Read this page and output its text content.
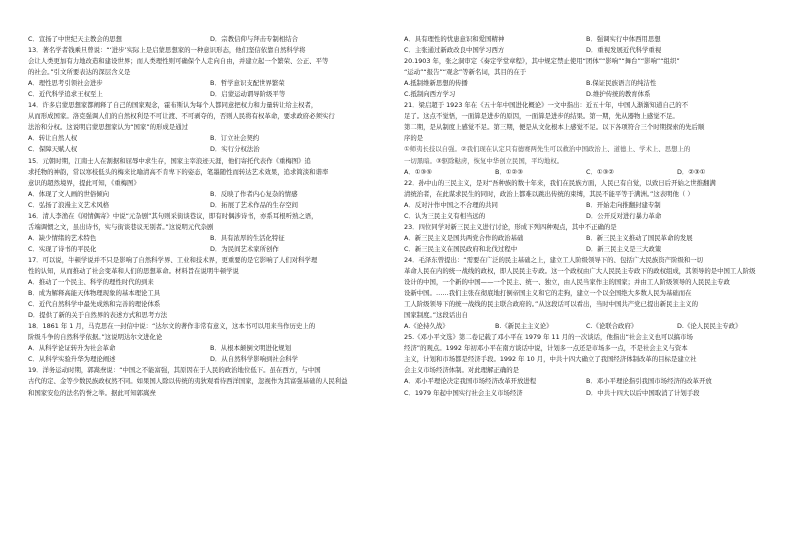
C．宣扬了中世纪天主教会的思想	D．宗教信仰与拜击专制相结合
13．著名学者钱乘旦曾说：“‘进步’实际上是启蒙思想家的一种意识形态，他们坚信依靠自然科学将
会让人类更加有力地改造和建设世界；而人类理性则可确保个人走向自由，并建立起一个繁荣、公正、平等
的社会。”引文所要表达的深层含义是
A．理性思考引领社会进步	B．哲学意识支配世界繁荣
C．近代科学追求王权至上	D．启蒙运动谓导阶级平等
14．许多启蒙思想家都阐释了自己的国家观念，霍布斯认为每个人都同意把权力和力量转让给主权者，
从而形成国家。洛克强调人们的自然权利是不可让渡、不可剥夺的，否则人民将有权革命，要求政府必须实行
法治和分权。这说明启蒙思想家认为“国家”的形成是通过
A．转让自然人权	B．订立社会契约
C．保障天赋人权	D．实行分权法治
15．元朝时期，江南士人在割据和屈辱中求生存，国家主宰浪迹天涯，他们寄托代表作《重梅图》追
求托物的神韵，常以寒枝低头的梅来比喻清高不肯卑下的姿态，笔墨随性而转达艺术效果，追求简淡和谐率
意识的超然境界，提此可知，《重梅图》
A．体现了文人画的世俗倾向	B．反映了作者内心复杂的情感
C．弘扬了浪漫主义艺术风格	D．拓展了艺术作品的生存空间
16．清人李渔在《闲情偶寄》中说“元杂剧”其句则采街谈巷议，即有时偶涉诗书，亦系耳根听熟之语，
舌端调惯之文，虽出诗书，实与街谈巷议无别者。”这说明元代杂剧
A．缺少情绪的艺术特色	B．具有浓厚的生活化特征
C．实现了诗书的平民化	D．为民间艺术家所创作
17．可以说，牛顿学说并不只是影响了自然科学界、工业和技术界，更重要的是它影响了人们对科学理
性的认知，从而推动了社会变革和人们的思想革命。材料旨在说明牛顿学说
A．推动了一个民主、科学的理性时代的到来
B．成为解释高能天体物理现象的基本理论工具
C．近代自然科学中最先成熟和完善的理论体系
D．提供了新的关于自然界的表述方式和思考方法
18．1861 年 1 月，马克思在一封信中说：“达尔文的著作非常有意义，这本书可以用来当作历史上的
阶级斗争的自然科学依据。”这说明达尔文进化论
A．从科学论证转升为社会革命	B．从根本颠倒文明进化规划
C．从科学实验升华为理论阐述	D．从自然科学影响到社会科学
19．洋务运动时期，郭嵩焘说：“中国之不能富强，其原因在于人民的政治地位低下。虽在西方，与中国
古代的定、金等少数民族政权然不同。如果国人除以传统的夷狄观看待西洋国家，忽视作为其富强基础的人民利益
和国家安危的法名钓誉之举。据此可知郭嵩焘
A．具有理性的忧患意识和爱国精神	B．强调实行中体西用思想
C．主张通过新政改良中国学习西方	D．重视发展近代科学重视
20.1903 年，张之洞审定《奏定学堂章程》，其中规定禁止使用“团体”“影响”“舞台”“影响”“组织”
“运动”“报告”“观念”等新名词，其目的在于
A.抵制维新思想的传播	B.保证民族语言的纯洁性
C.抵制向西方学习	D.维护传统的教育体系
21．梁启超于 1923 年在《五十年中国进化概论》一文中指出：近五十年，中国人渐渐知道自己的不
足了。这点不觉悟，一面算是进步的原因，一面算是进步的结果。第一期，先从器物上感觉不足。
第二期，是从制度上感觉不足。第三期，便是从文化根本上感觉不足。以下各项符合三个时期探索的先后顺
序的是
①师夷长技以自强。②我们现在认定只有德赛两先生可以救治中国政治上、道德上、学术上、思想上的
一切黑暗。③驱除鞑虏，恢复中华创立民国，平均地权。
A．①③⑤	B．①②③	C．①③②	D．②③①
22．孙中山的三民主义，是对“吾种族的数十年来，我们在民族方面，人民已有自觉，以致日后开始之世推翻满
清统治者，在此谋求民生的同时，政治上都难以跳出传统的束缚，其民不能平等于满洲。”这表明他（ ）
A．反对汁作中国之不合理的共同	B．开始走向推翻封建专制
C．认为三民主义有相当远的	D．公开反对进行暴力革命
23．四位同学对新三民主义进行讨论，形成下列四种观点，其中不正确的是
A．新三民主义是国共两党合作的政治基础	B．新三民主义推动了国民革命的发展
C．新三民主义在国民政府和北伐过程中	D．新三民主义是三大政策
24．毛泽东曾提出：“需要在广泛的民主基础之上，建立工人阶级领导下的、包括广大民族资产阶级和一切
革命人民在内的统一战线的政权，即人民民主专政。这一个政权由广大人民民主专政下的政权组成，其领导的是中国工人阶级
设计的中国，一个新的中国——一个民主、统一、独立，由人民当家作主的国家；并由工人阶级领导的人民民主专政
设新中国。……我们主张在彻底地打倒帝国主义和它的走狗，建立一个以全国绝大多数人民为基础而在
工人阶级领导下的统一战线的民主联合政府的。”从这段话可以看出，当时中国共产党已提出新民主主义的
国家制度。”这段话出自
A.《论持久战》	B.《新民主主义论》	C.《论联合政府》	D.《论人民民主专政》
25.《邓小平文选》第二卷记载了邓小平在 1979 年 11 月的一次谈话，他指出“社会主义也可以搞市场
经济”的观点。1992 年初邓小平在南方谈话中说，计划多一点还是市场多一点，不是社会主义与资本
主义，计划和市场都是经济手段。1992 年 10 月，中共十四大确立了我国经济体制改革的目标是建立社
会主义市场经济体制。对此理解正确的是
A．邓小平理论决定我国市场经济改革开放进程	B．邓小平理论指引我国市场经济的改革开放
C．1979 年起中国实行社会主义市场经济	D．中共十四大以后中国取消了计划手段
